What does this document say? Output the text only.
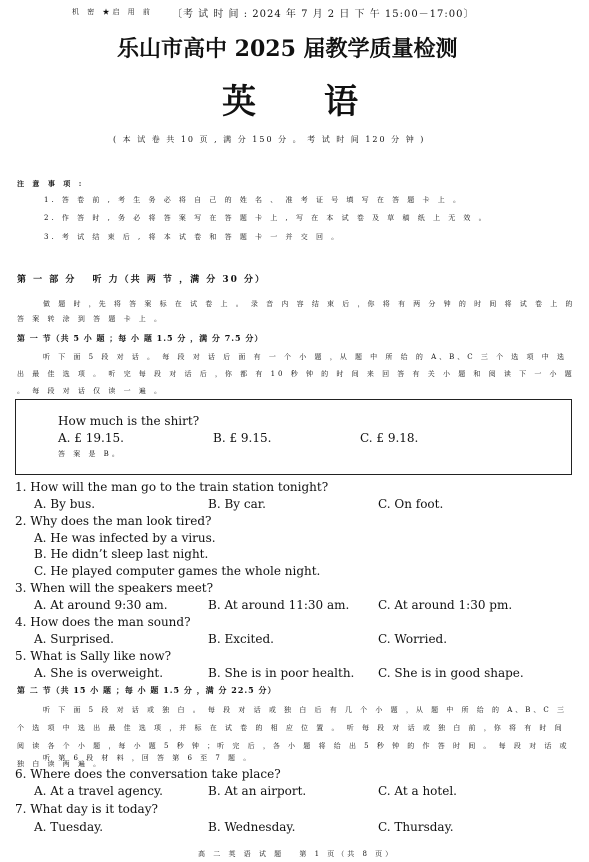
机 密 ★启 用 前 〔考 试 时 间 : 2024 年 7 月 2 日 下 午 15:00－17:00〕
乐山市高中 2025 届教学质量检测
英　　语
( 本 试 卷 共 10 页 , 满 分 150 分 。 考 试 时 间 120 分 钟 )
注 意 事 项 :
1. 答 卷 前 , 考 生 务 必 将 自 己 的 姓 名 、 准 考 证 号 填 写 在 答 题 卡 上 。
2. 作 答 时 , 务 必 将 答 案 写 在 答 题 卡 上 , 写 在 本 试 卷 及 草 稿 纸 上 无 效 。
3. 考 试 结 束 后 , 将 本 试 卷 和 答 题 卡 一 并 交 回 。
第 一 部 分　 听 力（共 两 节 ，满 分 30 分）
做 题 时 ，先 将 答 案 标 在 试 卷 上 。 录 音 内 容 结 束 后 ，你 将 有 两 分 钟 的 时 间 将 试 卷 上 的 答 案 转 涂 到 答 题 卡 上 。
第 一 节（共 5 小 题 ；每 小 题 1.5 分 ，满 分 7.5 分）
听 下 面 5 段 对 话 。 每 段 对 话 后 面 有 一 个 小 题 ，从 题 中 所 给 的 A、B、C 三 个 选 项 中 选 出 最 佳 选 项 。 听 完 每 段 对 话 后 ，你 都 有 10 秒 钟 的 时 间 来 回 答 有 关 小 题 和 阅 读 下 一 小 题 。 每 段 对 话 仅 读 一 遍 。
How much is the shirt?
A. £ 19.15.	B. £ 9.15.	C. £ 9.18.
答 案 是 B。
1. How will the man go to the train station tonight?
A. By bus.	B. By car.	C. On foot.
2. Why does the man look tired?
A. He was infected by a virus.
B. He didn’t sleep last night.
C. He played computer games the whole night.
3. When will the speakers meet?
A. At around 9:30 am.	B. At around 11:30 am. C. At around 1:30 pm.
4. How does the man sound?
A. Surprised.	B. Excited.	C. Worried.
5. What is Sally like now?
A. She is overweight.	B. She is in poor health. C. She is in good shape.
第 二 节（共 15 小 题 ；每 小 题 1.5 分 ，满 分 22.5 分）
听 下 面 5 段 对 话 或 独 白 。 每 段 对 话 或 独 白 后 有 几 个 小 题 ，从 题 中 所 给 的 A、B、C 三 个 选 项 中 选 出 最 佳 选 项 ，并 标 在 试 卷 的 相 应 位 置 。 听 每 段 对 话 或 独 白 前 ，你 将 有 时 间 阅 读 各 个 小 题 ，每 小 题 5 秒 钟 ；听 完 后 ，各 小 题 将 给 出 5 秒 钟 的 作 答 时 间 。 每 段 对 话 或 独 白 读 两 遍 。
听 第 6 段 材 料 ，回 答 第 6 至 7 题 。
6. Where does the conversation take place?
A. At a travel agency.	B. At an airport.	C. At a hotel.
7. What day is it today?
A. Tuesday.	B. Wednesday.	C. Thursday.
高 二 英 语 试 题　 第 1 页（共 8 页）
